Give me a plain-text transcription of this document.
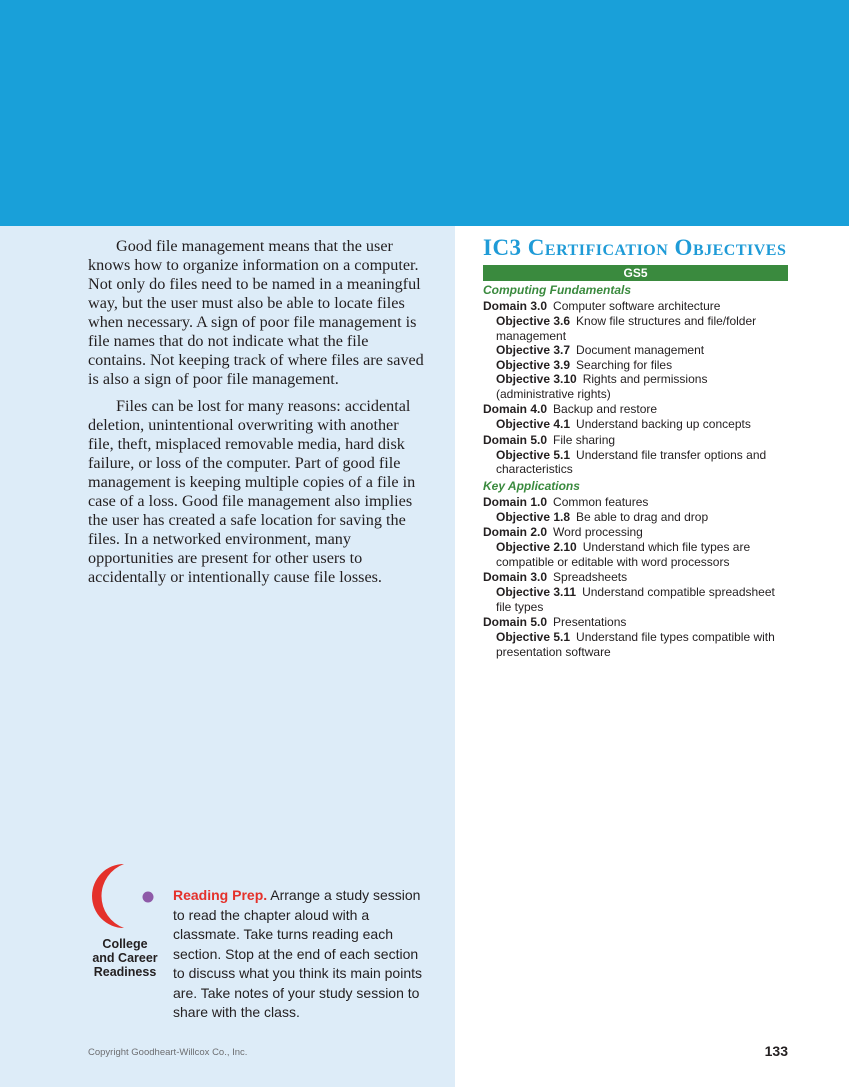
Good file management means that the user knows how to organize information on a computer. Not only do files need to be named in a meaningful way, but the user must also be able to locate files when necessary. A sign of poor file management is file names that do not indicate what the file contains. Not keeping track of where files are saved is also a sign of poor file management.

Files can be lost for many reasons: accidental deletion, unintentional overwriting with another file, theft, misplaced removable media, hard disk failure, or loss of the computer. Part of good file management is keeping multiple copies of a file in case of a loss. Good file management also implies the user has created a safe location for saving the files. In a networked environment, many opportunities are present for other users to accidentally or intentionally cause file losses.

IC3 Certification Objectives
GS5
Computing Fundamentals
Domain 3.0  Computer software architecture
Objective 3.6  Know file structures and file/folder management
Objective 3.7  Document management
Objective 3.9  Searching for files
Objective 3.10  Rights and permissions (administrative rights)
Domain 4.0  Backup and restore
Objective 4.1  Understand backing up concepts
Domain 5.0  File sharing
Objective 5.1  Understand file transfer options and characteristics
Key Applications
Domain 1.0  Common features
Objective 1.8  Be able to drag and drop
Domain 2.0  Word processing
Objective 2.10  Understand which file types are compatible or editable with word processors
Domain 3.0  Spreadsheets
Objective 3.11  Understand compatible spreadsheet file types
Domain 5.0  Presentations
Objective 5.1  Understand file types compatible with presentation software
College
and Career
Readiness
Reading Prep. Arrange a study session to read the chapter aloud with a classmate. Take turns reading each section. Stop at the end of each section to discuss what you think its main points are. Take notes of your study session to share with the class.
Copyright Goodheart-Willcox Co., Inc.	133
